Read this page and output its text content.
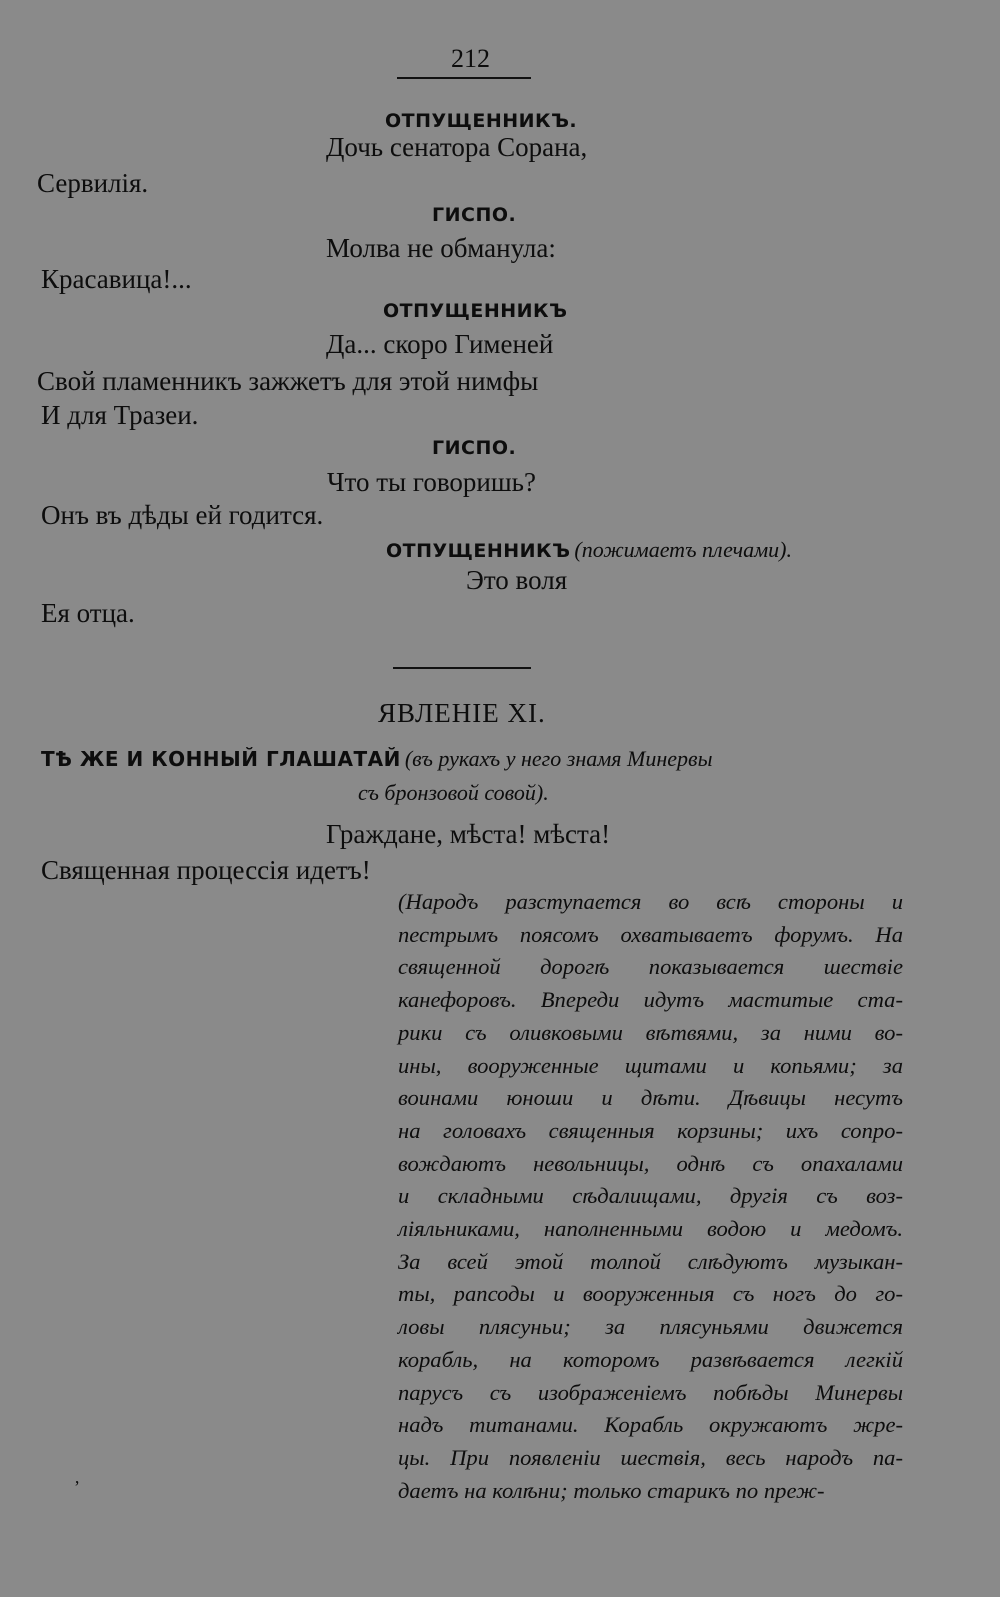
212
ОТПУЩЕННИКЪ.
Дочь сенатора Сорана,
Сервилія.
ГИСПО.
Молва не обманула:
Красавица!...
ОТПУЩЕННИКЪ
Да... скоро Гименей
Свой пламенникъ зажжетъ для этой нимфы
И для Тразеи.
ГИСПО.
Что ты говоришь?
Онъ въ дѣды ей годится.
ОТПУЩЕННИКЪ (пожимаетъ плечами).
Это воля
Ея отца.
ЯВЛЕНІЕ XI.
ТѢ ЖЕ И КОННЫЙ ГЛАШАТАЙ (въ рукахъ у него знамя Минервы
съ бронзовой совой).
Граждане, мѣста! мѣста!
Священная процессія идетъ!
(Народъ разступается во всѣ стороны и
пестрымъ поясомъ охватываетъ форумъ. На
священной дорогѣ показывается шествіе
канефоровъ. Впереди идутъ маститые ста-
рики съ оливковыми вѣтвями, за ними во-
ины, вооруженные щитами и копьями; за
воинами юноши и дѣти. Дѣвицы несутъ
на головахъ священныя корзины; ихъ сопро-
вождаютъ невольницы, однѣ съ опахалами
и складными сѣдалищами, другія съ воз-
ліяльниками, наполненными водою и медомъ.
За всей этой толпой слѣдуютъ музыкан-
ты, рапсоды и вооруженныя съ ногъ до го-
ловы плясуньи; за плясуньями движется
корабль, на которомъ развѣвается легкій
парусъ съ изображеніемъ побѣды Минервы
надъ титанами. Корабль окружаютъ жре-
цы. При появленіи шествія, весь народъ па-
даетъ на колѣни; только старикъ по преж-
ʼ
